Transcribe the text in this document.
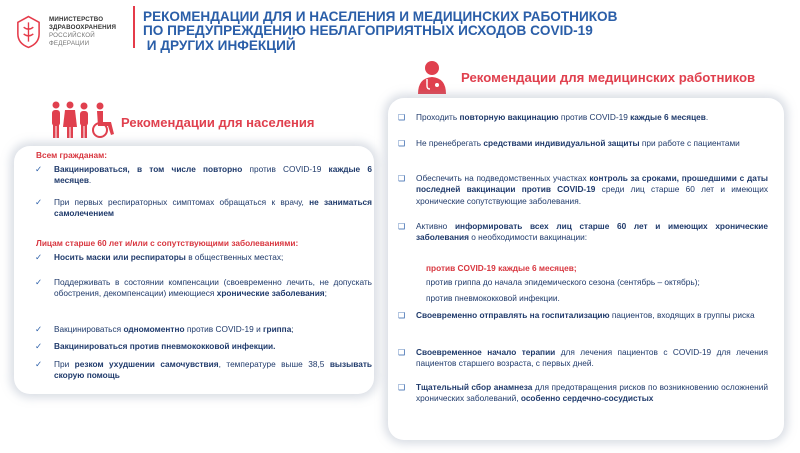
МИНИСТЕРСТВО
ЗДРАВООХРАНЕНИЯ
РОССИЙСКОЙ ФЕДЕРАЦИИ
РЕКОМЕНДАЦИИ ДЛЯ И НАСЕЛЕНИЯ И МЕДИЦИНСКИХ РАБОТНИКОВ
ПО ПРЕДУПРЕЖДЕНИЮ НЕБЛАГОПРИЯТНЫХ ИСХОДОВ COVID-19
И ДРУГИХ ИНФЕКЦИЙ
Рекомендации для медицинских работников
Рекомендации для населения
Всем гражданам:
✓ Вакцинироваться, в том числе повторно против COVID-19 каждые 6 месяцев.
✓ При первых респираторных симптомах обращаться к врачу, не заниматься самолечением
Лицам старше 60 лет и/или с сопутствующими заболеваниями:
✓ Носить маски или респираторы в общественных местах;
✓ Поддерживать в состоянии компенсации (своевременно лечить, не допускать обострения, декомпенсации) имеющиеся хронические заболевания;
✓ Вакцинироваться одномоментно против COVID-19 и гриппа;
✓ Вакцинироваться против пневмококковой инфекции.
✓ При резком ухудшении самочувствия, температуре выше 38,5 вызывать скорую помощь
❑ Проходить повторную вакцинацию против COVID-19 каждые 6 месяцев.
❑ Не пренебрегать средствами индивидуальной защиты при работе с пациентами
❑ Обеспечить на подведомственных участках контроль за сроками, прошедшими с даты последней вакцинации против COVID-19 среди лиц старше 60 лет и имеющих хронические сопутствующие заболевания.
❑ Активно информировать всех лиц старше 60 лет и имеющих хронические заболевания о необходимости вакцинации:
против COVID-19 каждые 6 месяцев;
против гриппа до начала эпидемического сезона (сентябрь – октябрь);
против пневмококковой инфекции.
❑ Своевременно отправлять на госпитализацию пациентов, входящих в группы риска
❑ Своевременное начало терапии для лечения пациентов с COVID-19 для лечения пациентов старшего возраста, с первых дней.
❑ Тщательный сбор анамнеза для предотвращения рисков по возникновению осложнений хронических заболеваний, особенно сердечно-сосудистых
